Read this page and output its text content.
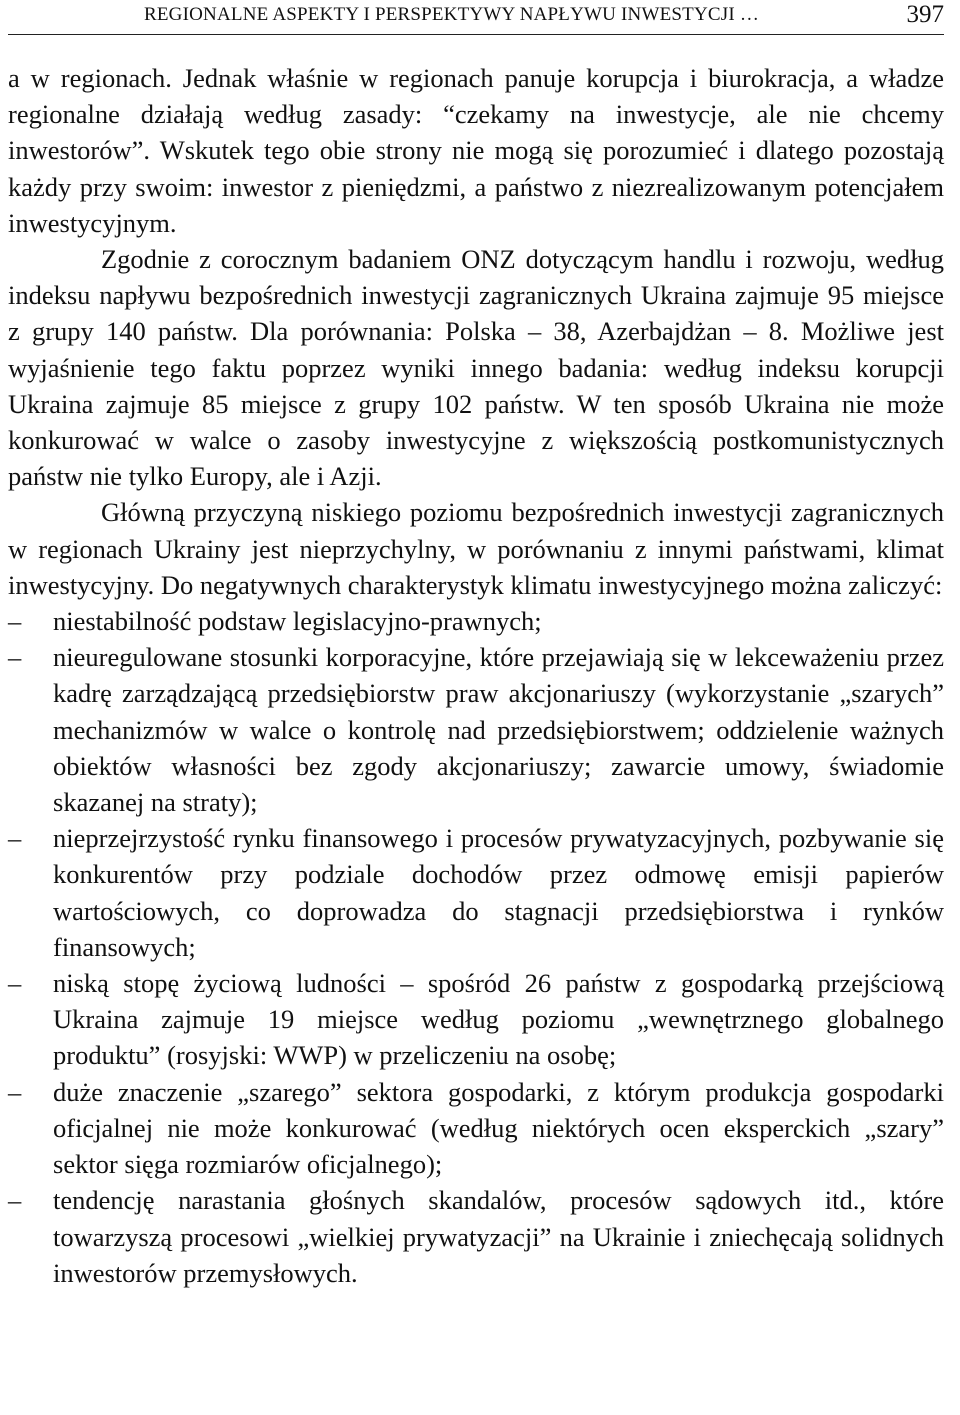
REGIONALNE ASPEKTY I PERSPEKTYWY NAPŁYWU INWESTYCJI …	397

a w regionach. Jednak właśnie w regionach panuje korupcja i biurokracja, a władze regionalne działają według zasady: “czekamy na inwestycje, ale nie chcemy inwestorów”. Wskutek tego obie strony nie mogą się porozumieć i dlatego pozostają każdy przy swoim: inwestor z pieniędzmi, a państwo z niezrealizowanym potencjałem inwestycyjnym.

Zgodnie z corocznym badaniem ONZ dotyczącym handlu i rozwoju, według indeksu napływu bezpośrednich inwestycji zagranicznych Ukraina zajmuje 95 miejsce z grupy 140 państw. Dla porównania: Polska – 38, Azerbajdżan – 8. Możliwe jest wyjaśnienie tego faktu poprzez wyniki innego badania: według indeksu korupcji Ukraina zajmuje 85 miejsce z grupy 102 państw. W ten sposób Ukraina nie może konkurować w walce o zasoby inwestycyjne z większością postkomunistycznych państw nie tylko Europy, ale i Azji.

Główną przyczyną niskiego poziomu bezpośrednich inwestycji zagranicznych w regionach Ukrainy jest nieprzychylny, w porównaniu z innymi państwami, klimat inwestycyjny. Do negatywnych charakterystyk klimatu inwestycyjnego można zaliczyć:

–	niestabilność podstaw legislacyjno-prawnych;
–	nieuregulowane stosunki korporacyjne, które przejawiają się w lekceważeniu przez kadrę zarządzającą przedsiębiorstw praw akcjonariuszy (wykorzystanie „szarych” mechanizmów w walce o kontrolę nad przedsiębiorstwem; oddzielenie ważnych obiektów własności bez zgody akcjonariuszy; zawarcie umowy, świadomie skazanej na straty);
–	nieprzejrzystość rynku finansowego i procesów prywatyzacyjnych, pozbywanie się konkurentów przy podziale dochodów przez odmowę emisji papierów wartościowych, co doprowadza do stagnacji przedsiębiorstwa i rynków finansowych;
–	niską stopę życiową ludności – spośród 26 państw z gospodarką przejściową Ukraina zajmuje 19 miejsce według poziomu „wewnętrznego globalnego produktu” (rosyjski: WWP) w przeliczeniu na osobę;
–	duże znaczenie „szarego” sektora gospodarki, z którym produkcja gospodarki oficjalnej nie może konkurować (według niektórych ocen eksperckich „szary” sektor sięga rozmiarów oficjalnego);
–	tendencję narastania głośnych skandalów, procesów sądowych itd., które towarzyszą procesowi „wielkiej prywatyzacji” na Ukrainie i zniechęcają solidnych inwestorów przemysłowych.
